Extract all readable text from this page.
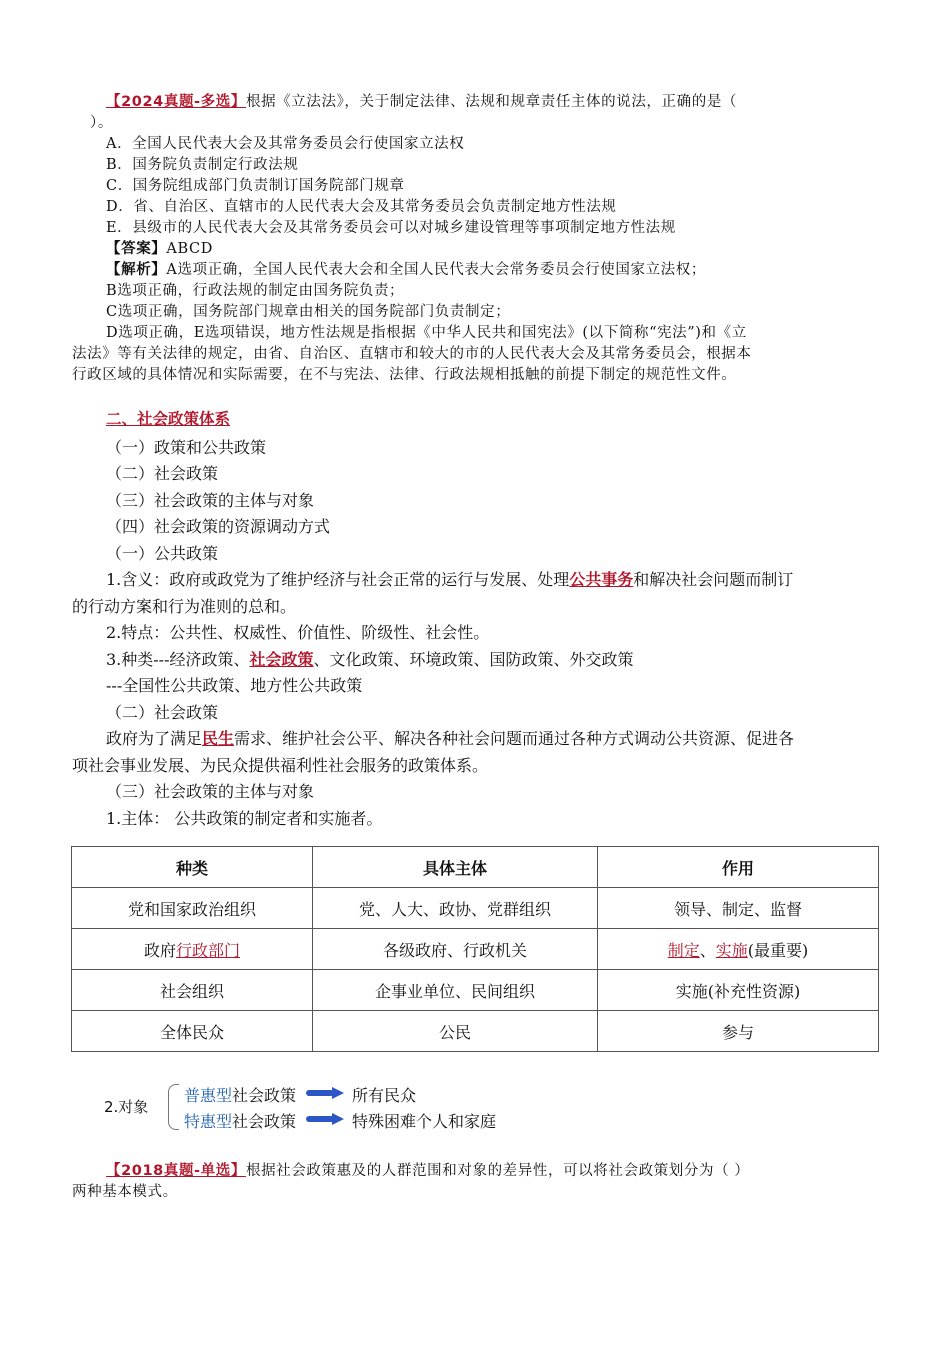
【2024真题-多选】根据《立法法》，关于制定法律、法规和规章责任主体的说法，正确的是（

）。

A．全国人民代表大会及其常务委员会行使国家立法权

B．国务院负责制定行政法规

C．国务院组成部门负责制订国务院部门规章

D．省、自治区、直辖市的人民代表大会及其常务委员会负责制定地方性法规

E．县级市的人民代表大会及其常务委员会可以对城乡建设管理等事项制定地方性法规

【答案】ABCD

【解析】A选项正确，全国人民代表大会和全国人民代表大会常务委员会行使国家立法权；

B选项正确，行政法规的制定由国务院负责；

C选项正确，国务院部门规章由相关的国务院部门负责制定；

D选项正确，E选项错误，地方性法规是指根据《中华人民共和国宪法》(以下简称“宪法”)和《立

法法》等有关法律的规定，由省、自治区、直辖市和较大的市的人民代表大会及其常务委员会，根据本

行政区域的具体情况和实际需要，在不与宪法、法律、行政法规相抵触的前提下制定的规范性文件。

二、社会政策体系

（一）政策和公共政策

（二）社会政策

（三）社会政策的主体与对象

（四）社会政策的资源调动方式

（一）公共政策

1.含义：政府或政党为了维护经济与社会正常的运行与发展、处理公共事务和解决社会问题而制订

的行动方案和行为准则的总和。

2.特点：公共性、权威性、价值性、阶级性、社会性。

3.种类---经济政策、社会政策、文化政策、环境政策、国防政策、外交政策

---全国性公共政策、地方性公共政策

（二）社会政策

政府为了满足民生需求、维护社会公平、解决各种社会问题而通过各种方式调动公共资源、促进各

项社会事业发展、为民众提供福利性社会服务的政策体系。

（三）社会政策的主体与对象

1.主体： 公共政策的制定者和实施者。

种类	具体主体	作用
党和国家政治组织	党、人大、政协、党群组织	领导、制定、监督
政府行政部门	各级政府、行政机关	制定、实施(最重要)
社会组织	企事业单位、民间组织	实施(补充性资源)
全体民众	公民	参与
2.对象
普惠型社会政策	所有民众
特惠型社会政策	特殊困难个人和家庭

【2018真题-单选】根据社会政策惠及的人群范围和对象的差异性，可以将社会政策划分为（ ）

两种基本模式。
